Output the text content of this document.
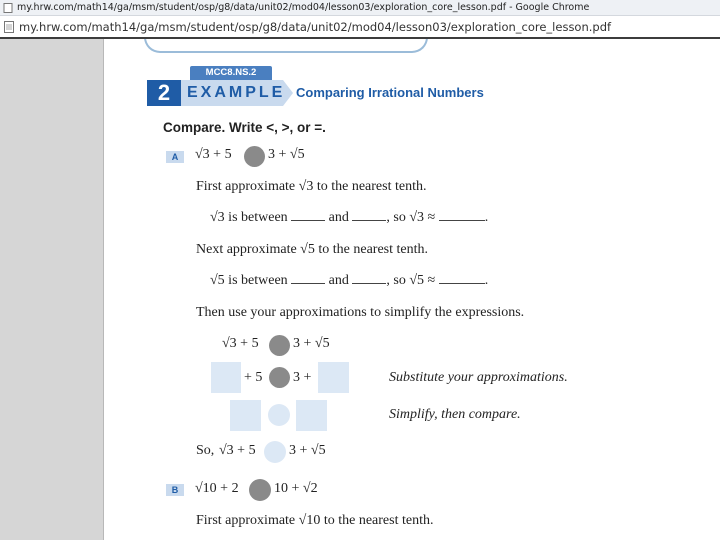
my.hrw.com/math14/ga/msm/student/osp/g8/data/unit02/mod04/lesson03/exploration_core_lesson.pdf - Google Chrome
my.hrw.com/math14/ga/msm/student/osp/g8/data/unit02/mod04/lesson03/exploration_core_lesson.pdf
MCC8.NS.2
2	EXAMPLE Comparing Irrational Numbers
Compare. Write <, >, or =.
A	√3 + 5	3 + √5
First approximate √3 to the nearest tenth.
√3 is between	and	, so √3 ≈	.
Next approximate √5 to the nearest tenth.
√5 is between	and	, so √5 ≈	.
Then use your approximations to simplify the expressions.
√3 + 5 3 + √5
+ 5 3 +	Substitute your approximations.
Simplify, then compare.
So, √3 + 5 3 + √5
B	√10 + 2	10 + √2
First approximate √10 to the nearest tenth.
